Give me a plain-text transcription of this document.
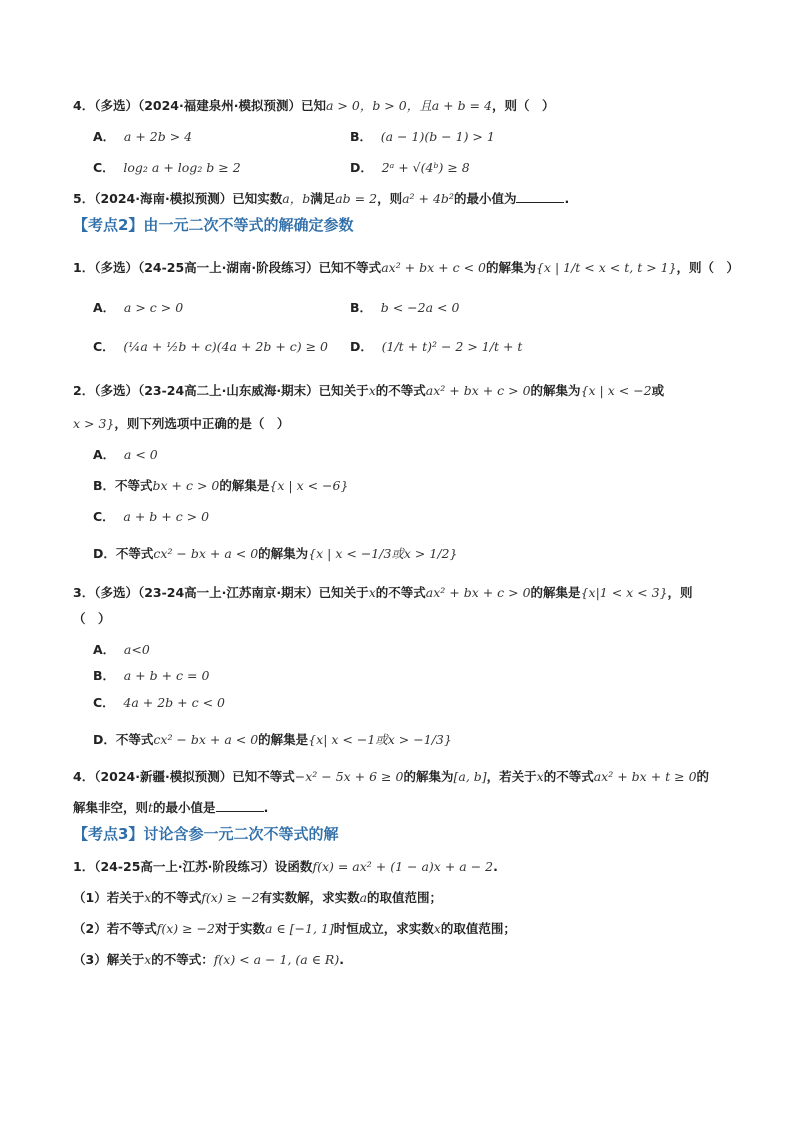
4．（多选）（2024·福建泉州·模拟预测）已知a > 0，b > 0，且a + b = 4，则（　）
A． a + 2b > 4	B． (a − 1)(b − 1) > 1
C． log₂ a + log₂ b ≥ 2	D． 2ᵃ + √(4ᵇ) ≥ 8
5．（2024·海南·模拟预测）已知实数a，b满足ab = 2，则a² + 4b²的最小值为	.
【考点2】由一元二次不等式的解确定参数
1．（多选）（24-25高一上·湖南·阶段练习）已知不等式ax² + bx + c < 0的解集为{x | 1/t < x < t, t > 1}，则（　）
A． a > c > 0	B． b < −2a < 0
C． (¼a + ½b + c)(4a + 2b + c) ≥ 0 D． (1/t + t)² − 2 > 1/t + t
2．（多选）（23-24高二上·山东威海·期末）已知关于x的不等式ax² + bx + c > 0的解集为{x | x < −2或
x > 3}，则下列选项中正确的是（　）
A． a < 0
B．不等式bx + c > 0的解集是{x | x < −6}
C． a + b + c > 0
D．不等式cx² − bx + a < 0的解集为{x | x < −1/3或x > 1/2}
3．（多选）（23-24高一上·江苏南京·期末）已知关于x的不等式ax² + bx + c > 0的解集是{x|1 < x < 3}，则
（　）
A． a<0
B． a + b + c = 0
C． 4a + 2b + c < 0
D．不等式cx² − bx + a < 0的解集是{x| x < −1或x > −1/3}
4．（2024·新疆·模拟预测）已知不等式−x² − 5x + 6 ≥ 0的解集为[a, b]，若关于x的不等式ax² + bx + t ≥ 0的
解集非空，则t的最小值是	.
【考点3】讨论含参一元二次不等式的解
1．（24-25高一上·江苏·阶段练习）设函数f(x) = ax² + (1 − a)x + a − 2.
（1）若关于x的不等式f(x) ≥ −2有实数解，求实数a的取值范围；
（2）若不等式f(x) ≥ −2对于实数a ∈ [−1, 1]时恒成立，求实数x的取值范围；
（3）解关于x的不等式：f(x) < a − 1, (a ∈ R).
